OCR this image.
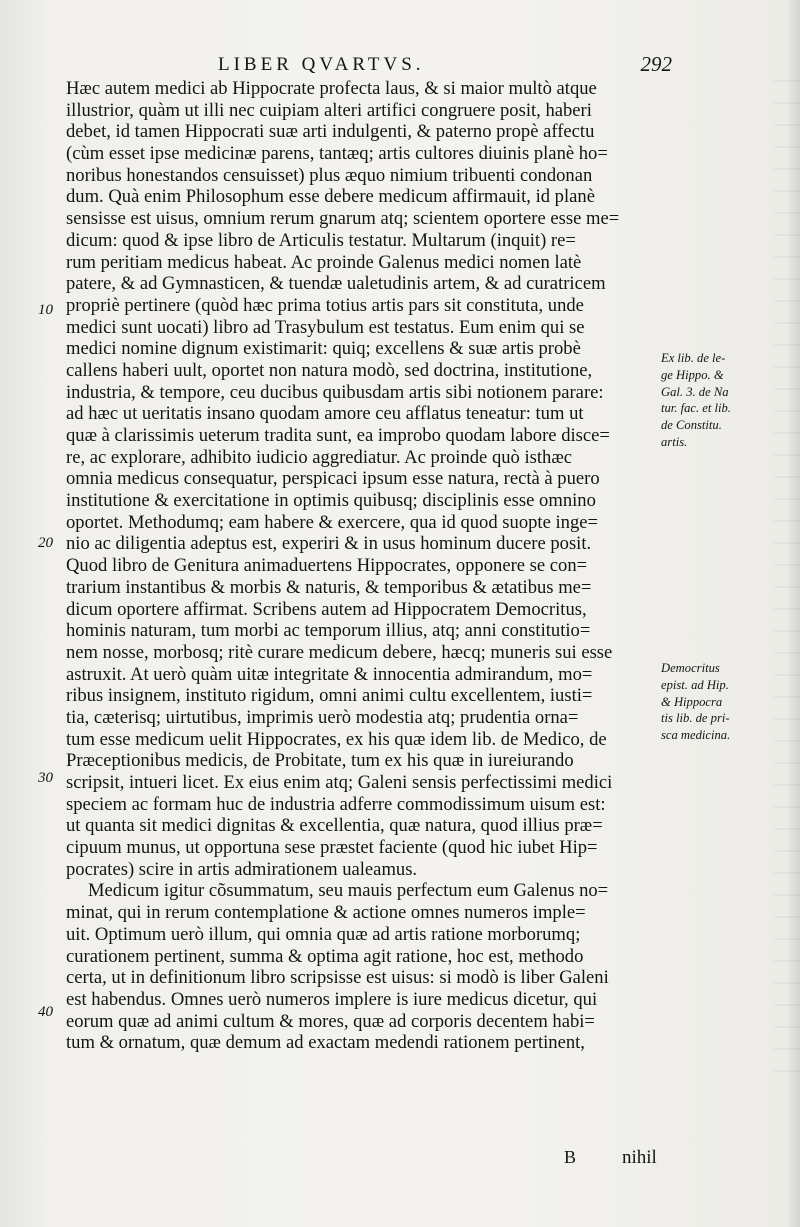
LIBER QVARTVS.	292
Hæc autem medici ab Hippocrate profecta laus, & si maior multò atque
illustrior, quàm ut illi nec cuipiam alteri artifici congruere posit, haberi
debet, id tamen Hippocrati suæ arti indulgenti, & paterno propè affectu
(cùm esset ipse medicinæ parens, tantæq; artis cultores diuinis planè ho=
noribus honestandos censuisset) plus æquo nimium tribuenti condonan
dum. Quà enim Philosophum esse debere medicum affirmauit, id planè
sensisse est uisus, omnium rerum gnarum atq; scientem oportere esse me=
dicum: quod & ipse libro de Articulis testatur. Multarum (inquit) re=
rum peritiam medicus habeat. Ac proinde Galenus medici nomen latè
patere, & ad Gymnasticen, & tuendæ ualetudinis artem, & ad curatricem
propriè pertinere (quòd hæc prima totius artis pars sit constituta, unde
medici sunt uocati) libro ad Trasybulum est testatus. Eum enim qui se
medici nomine dignum existimarit: quiq; excellens & suæ artis probè
callens haberi uult, oportet non natura modò, sed doctrina, institutione,
industria, & tempore, ceu ducibus quibusdam artis sibi notionem parare:
ad hæc ut ueritatis insano quodam amore ceu afflatus teneatur: tum ut
quæ à clarissimis ueterum tradita sunt, ea improbo quodam labore disce=
re, ac explorare, adhibito iudicio aggrediatur. Ac proinde quò isthæc
omnia medicus consequatur, perspicaci ipsum esse natura, rectà à puero
institutione & exercitatione in optimis quibusq; disciplinis esse omnino
oportet. Methodumq; eam habere & exercere, qua id quod suopte inge=
nio ac diligentia adeptus est, experiri & in usus hominum ducere posit.
Quod libro de Genitura animaduertens Hippocrates, opponere se con=
trarium instantibus & morbis & naturis, & temporibus & ætatibus me=
dicum oportere affirmat. Scribens autem ad Hippocratem Democritus,
hominis naturam, tum morbi ac temporum illius, atq; anni constitutio=
nem nosse, morbosq; ritè curare medicum debere, hæcq; muneris sui esse
astruxit. At uerò quàm uitæ integritate & innocentia admirandum, mo=
ribus insignem, instituto rigidum, omni animi cultu excellentem, iusti=
tia, cæterisq; uirtutibus, imprimis uerò modestia atq; prudentia orna=
tum esse medicum uelit Hippocrates, ex his quæ idem lib. de Medico, de
Præceptionibus medicis, de Probitate, tum ex his quæ in iureiurando
scripsit, intueri licet. Ex eius enim atq; Galeni sensis perfectissimi medici
speciem ac formam huc de industria adferre commodissimum uisum est:
ut quanta sit medici dignitas & excellentia, quæ natura, quod illius præ=
cipuum munus, ut opportuna sese præstet faciente (quod hic iubet Hip=
pocrates) scire in artis admirationem ualeamus.
Medicum igitur cõsummatum, seu mauis perfectum eum Galenus no=
minat, qui in rerum contemplatione & actione omnes numeros imple=
uit. Optimum uerò illum, qui omnia quæ ad artis ratione morborumq;
curationem pertinent, summa & optima agit ratione, hoc est, methodo
certa, ut in definitionum libro scripsisse est uisus: si modò is liber Galeni
est habendus. Omnes uerò numeros implere is iure medicus dicetur, qui
eorum quæ ad animi cultum & mores, quæ ad corporis decentem habi=
tum & ornatum, quæ demum ad exactam medendi rationem pertinent,
10
20
30
40
Ex lib. de le-
ge Hippo. &
Gal. 3. de Na
tur. fac. et lib.
de Constitu.
artis.
Democritus
epist. ad Hip.
& Hippocra
tis lib. de pri-
sca medicina.
B nihil
